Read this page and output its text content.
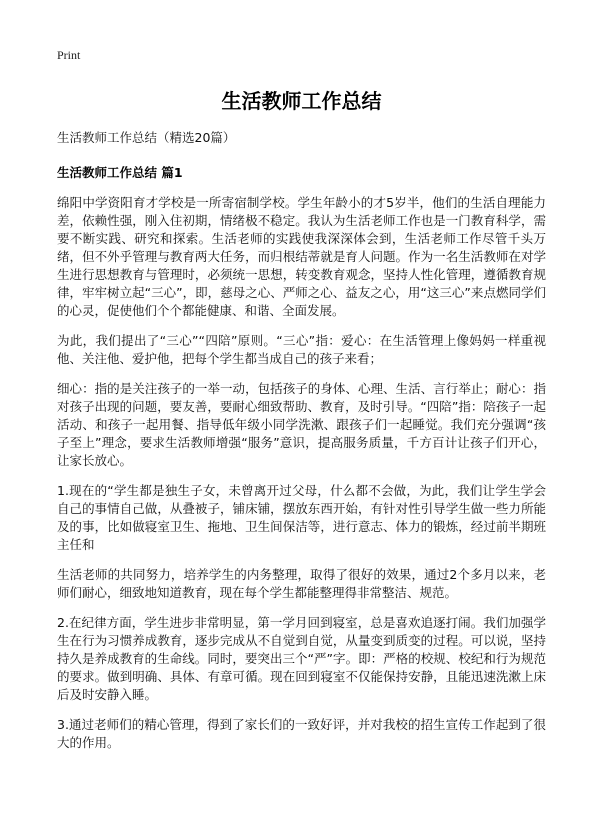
Print
生活教师工作总结
生活教师工作总结（精选20篇）
生活教师工作总结 篇1

绵阳中学资阳育才学校是一所寄宿制学校。学生年龄小的才5岁半，他们的生活自理能力差，依赖性强，刚入住初期，情绪极不稳定。我认为生活老师工作也是一门教育科学，需要不断实践、研究和探索。生活老师的实践使我深深体会到，生活老师工作尽管千头万绪，但不外乎管理与教育两大任务，而归根结蒂就是育人问题。作为一名生活教师在对学生进行思想教育与管理时，必须统一思想，转变教育观念，坚持人性化管理，遵循教育规律，牢牢树立起“三心”，即，慈母之心、严师之心、益友之心，用“这三心”来点燃同学们的心灵，促使他们个个都能健康、和谐、全面发展。

为此，我们提出了“三心”“四陪”原则。“三心”指：爱心：在生活管理上像妈妈一样重视他、关注他、爱护他，把每个学生都当成自己的孩子来看；

细心：指的是关注孩子的一举一动，包括孩子的身体、心理、生活、言行举止；耐心：指对孩子出现的问题，要友善，要耐心细致帮助、教育，及时引导。“四陪”指：陪孩子一起活动、和孩子一起用餐、指导低年级小同学洗漱、跟孩子们一起睡觉。我们充分强调“孩子至上”理念，要求生活教师增强“服务”意识，提高服务质量，千方百计让孩子们开心，让家长放心。

1.现在的“学生都是独生子女，未曾离开过父母，什么都不会做，为此，我们让学生学会自己的事情自己做，从叠被子，铺床铺，摆放东西开始，有针对性引导学生做一些力所能及的事，比如做寝室卫生、拖地、卫生间保洁等，进行意志、体力的锻炼，经过前半期班主任和

生活老师的共同努力，培养学生的内务整理，取得了很好的效果，通过2个多月以来，老师们耐心，细致地知道教育，现在每个学生都能整理得非常整洁、规范。

2.在纪律方面，学生进步非常明显，第一学月回到寝室，总是喜欢追逐打闹。我们加强学生在行为习惯养成教育，逐步完成从不自觉到自觉，从量变到质变的过程。可以说，坚持持久是养成教育的生命线。同时，要突出三个“严”字。即：严格的校规、校纪和行为规范的要求。做到明确、具体、有章可循。现在回到寝室不仅能保持安静，且能迅速洗漱上床后及时安静入睡。

3.通过老师们的精心管理，得到了家长们的一致好评，并对我校的招生宣传工作起到了很大的作用。
